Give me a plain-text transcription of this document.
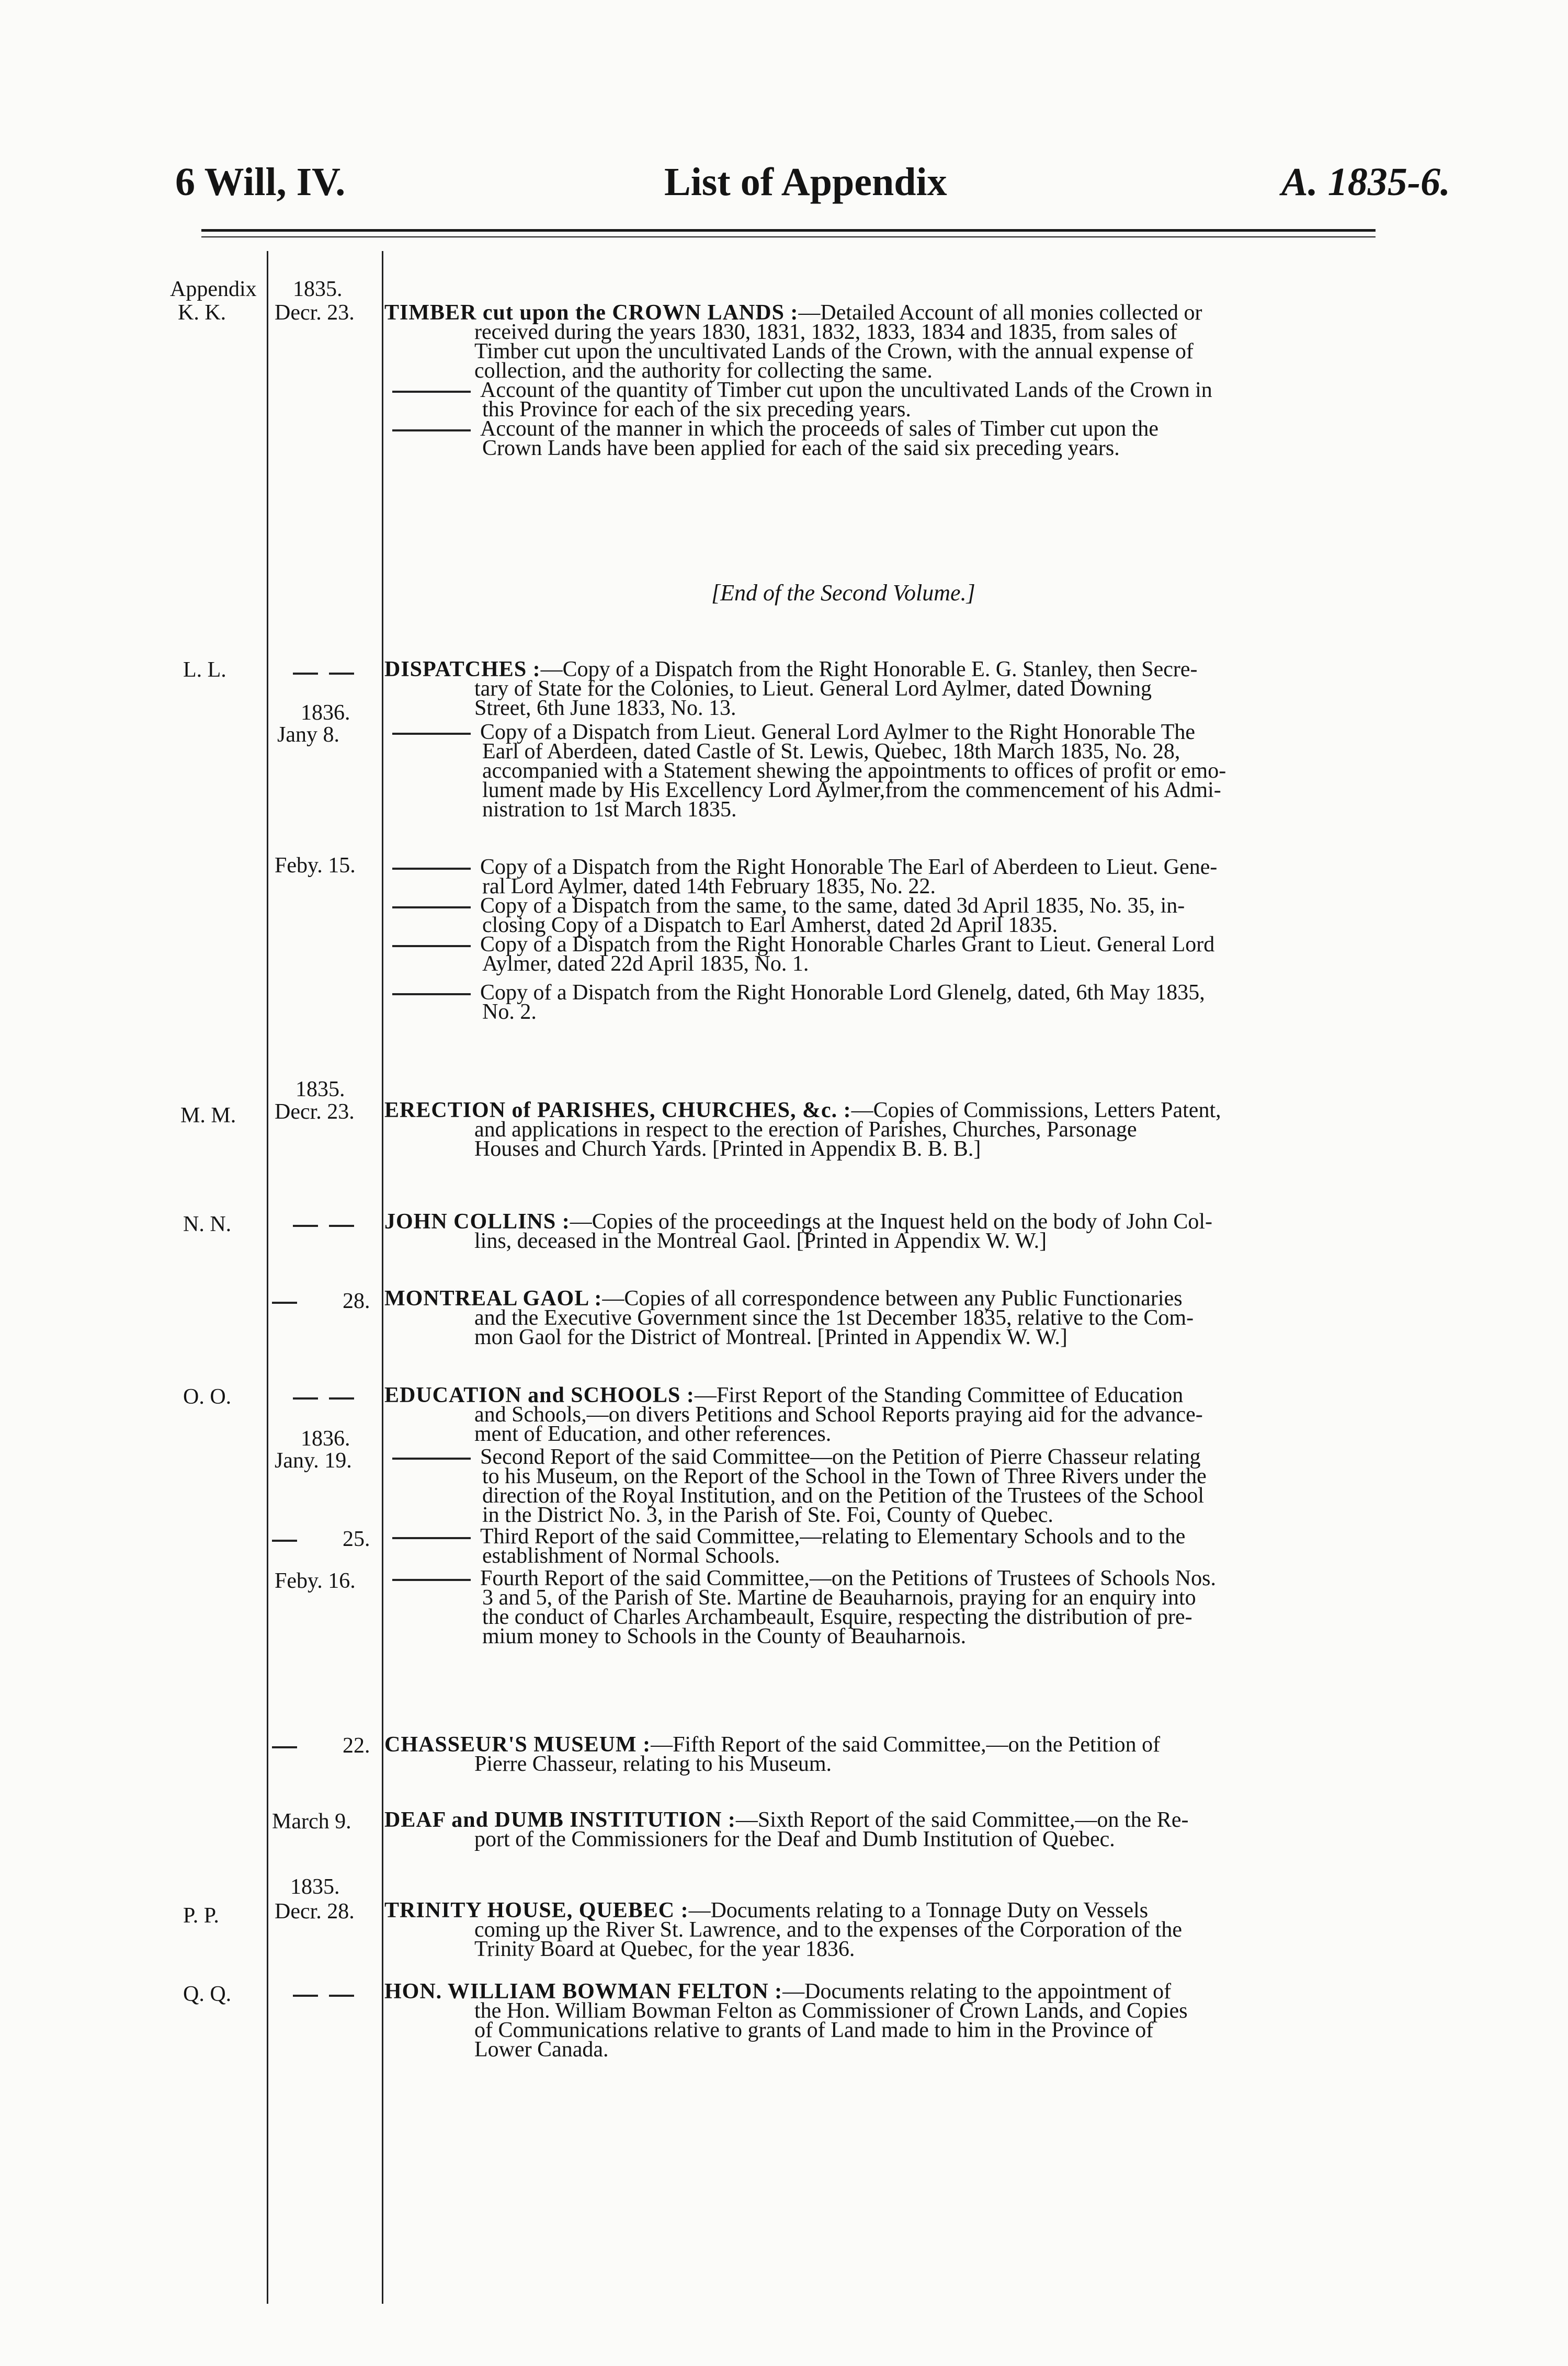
6 Will, IV.	List of Appendix	A. 1835-6.
Appendix
K. K.
L. L.
M. M.
N. N.
O. O.
P. P.
Q. Q.
1835.
Decr. 23.

1836.
Jany 8.
Feby. 15.
1835.
Decr. 23.

28.

1836.
Jany. 19.
25.
Feby. 16.
22.
March 9.
1835.
Decr. 28.

TIMBER cut upon the CROWN LANDS :—Detailed Account of all monies collected or
received during the years 1830, 1831, 1832, 1833, 1834 and 1835, from sales of
Timber cut upon the uncultivated Lands of the Crown, with the annual expense of
collection, and the authority for collecting the same.
Account of the quantity of Timber cut upon the uncultivated Lands of the Crown in
this Province for each of the six preceding years.
Account of the manner in which the proceeds of sales of Timber cut upon the
Crown Lands have been applied for each of the said six preceding years.
[End of the Second Volume.]
DISPATCHES :—Copy of a Dispatch from the Right Honorable E. G. Stanley, then Secre-
tary of State for the Colonies, to Lieut. General Lord Aylmer, dated Downing
Street, 6th June 1833, No. 13.
Copy of a Dispatch from Lieut. General Lord Aylmer to the Right Honorable The
Earl of Aberdeen, dated Castle of St. Lewis, Quebec, 18th March 1835, No. 28,
accompanied with a Statement shewing the appointments to offices of profit or emo-
lument made by His Excellency Lord Aylmer,from the commencement of his Admi-
nistration to 1st March 1835.
Copy of a Dispatch from the Right Honorable The Earl of Aberdeen to Lieut. Gene-
ral Lord Aylmer, dated 14th February 1835, No. 22.
Copy of a Dispatch from the same, to the same, dated 3d April 1835, No. 35, in-
closing Copy of a Dispatch to Earl Amherst, dated 2d April 1835.
Copy of a Dispatch from the Right Honorable Charles Grant to Lieut. General Lord
Aylmer, dated 22d April 1835, No. 1.
Copy of a Dispatch from the Right Honorable Lord Glenelg, dated, 6th May 1835,
No. 2.
ERECTION of PARISHES, CHURCHES, &c. :—Copies of Commissions, Letters Patent,
and applications in respect to the erection of Parishes, Churches, Parsonage
Houses and Church Yards. [Printed in Appendix B. B. B.]
JOHN COLLINS :—Copies of the proceedings at the Inquest held on the body of John Col-
lins, deceased in the Montreal Gaol. [Printed in Appendix W. W.]
MONTREAL GAOL :—Copies of all correspondence between any Public Functionaries
and the Executive Government since the 1st December 1835, relative to the Com-
mon Gaol for the District of Montreal. [Printed in Appendix W. W.]
EDUCATION and SCHOOLS :—First Report of the Standing Committee of Education
and Schools,—on divers Petitions and School Reports praying aid for the advance-
ment of Education, and other references.
Second Report of the said Committee—on the Petition of Pierre Chasseur relating
to his Museum, on the Report of the School in the Town of Three Rivers under the
direction of the Royal Institution, and on the Petition of the Trustees of the School
in the District No. 3, in the Parish of Ste. Foi, County of Quebec.
Third Report of the said Committee,—relating to Elementary Schools and to the
establishment of Normal Schools.
Fourth Report of the said Committee,—on the Petitions of Trustees of Schools Nos.
3 and 5, of the Parish of Ste. Martine de Beauharnois, praying for an enquiry into
the conduct of Charles Archambeault, Esquire, respecting the distribution of pre-
mium money to Schools in the County of Beauharnois.
CHASSEUR'S MUSEUM :—Fifth Report of the said Committee,—on the Petition of
Pierre Chasseur, relating to his Museum.
DEAF and DUMB INSTITUTION :—Sixth Report of the said Committee,—on the Re-
port of the Commissioners for the Deaf and Dumb Institution of Quebec.
TRINITY HOUSE, QUEBEC :—Documents relating to a Tonnage Duty on Vessels
coming up the River St. Lawrence, and to the expenses of the Corporation of the
Trinity Board at Quebec, for the year 1836.
HON. WILLIAM BOWMAN FELTON :—Documents relating to the appointment of
the Hon. William Bowman Felton as Commissioner of Crown Lands, and Copies
of Communications relative to grants of Land made to him in the Province of
Lower Canada.
